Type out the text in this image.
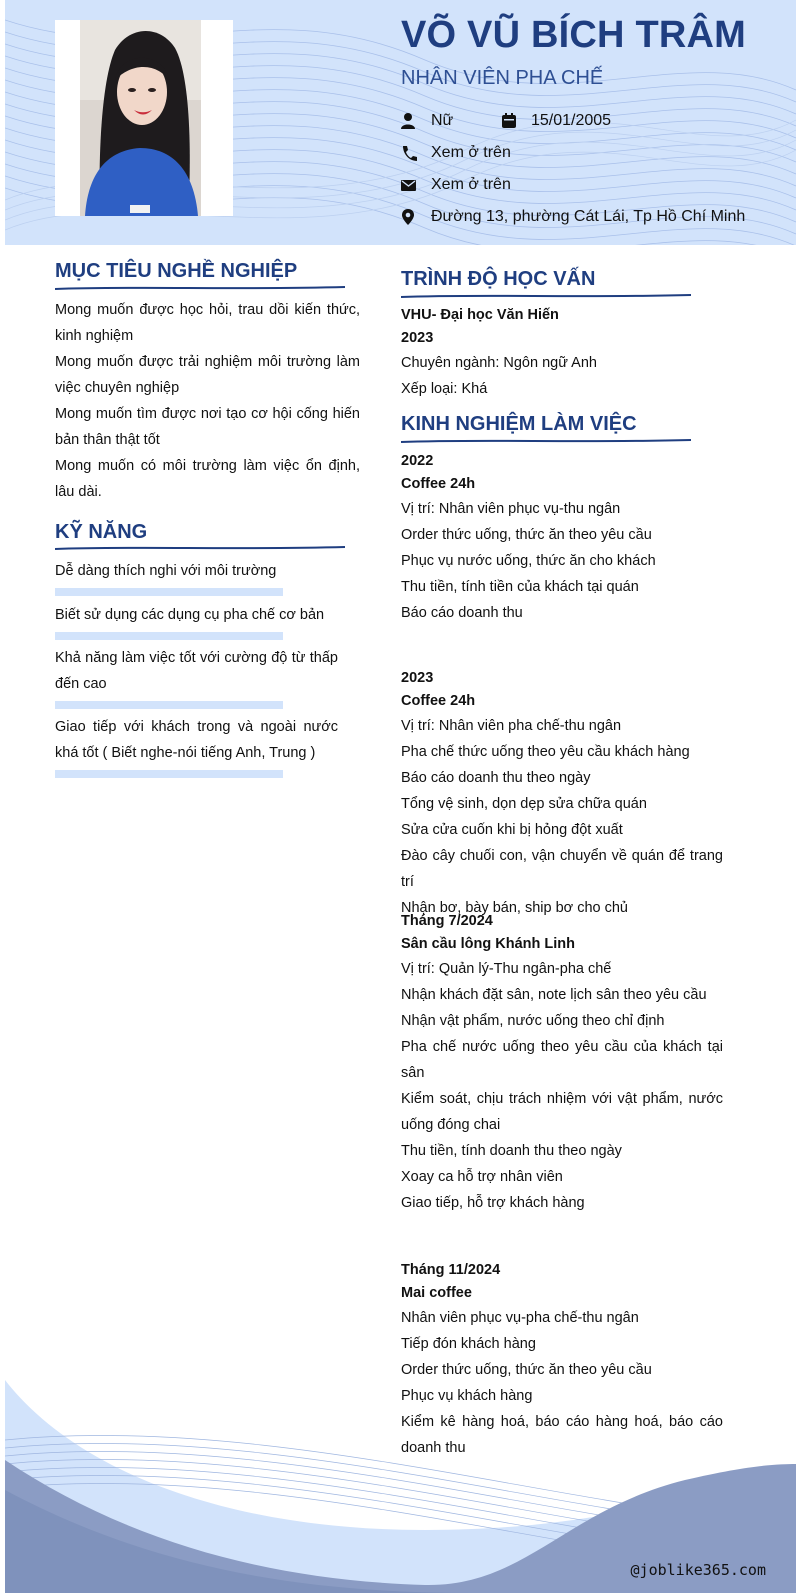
VÕ VŨ BÍCH TRÂM
NHÂN VIÊN PHA CHẾ
Nữ	15/01/2005
Xem ở trên
Xem ở trên
Đường 13, phường Cát Lái, Tp Hồ Chí Minh
MỤC TIÊU NGHỀ NGHIỆP
Mong muốn được học hỏi, trau dồi kiến thức, kinh nghiệm
Mong muốn được trải nghiệm môi trường làm việc chuyên nghiệp
Mong muốn tìm được nơi tạo cơ hội cống hiến bản thân thật tốt
Mong muốn có môi trường làm việc ổn định, lâu dài.
KỸ NĂNG
Dễ dàng thích nghi với môi trường
Biết sử dụng các dụng cụ pha chế cơ bản
Khả năng làm việc tốt với cường độ từ thấp đến cao
Giao tiếp với khách trong và ngoài nước khá tốt ( Biết nghe-nói tiếng Anh, Trung )
TRÌNH ĐỘ HỌC VẤN
VHU- Đại học Văn Hiến
2023
Chuyên ngành: Ngôn ngữ Anh
Xếp loại: Khá
KINH NGHIỆM LÀM VIỆC
2022
Coffee 24h
Vị trí: Nhân viên phục vụ-thu ngân
Order thức uống, thức ăn theo yêu cầu
Phục vụ nước uống, thức ăn cho khách
Thu tiền, tính tiền của khách tại quán
Báo cáo doanh thu
2023
Coffee 24h
Vị trí: Nhân viên pha chế-thu ngân
Pha chế thức uống theo yêu cầu khách hàng
Báo cáo doanh thu theo ngày
Tổng vệ sinh, dọn dẹp sửa chữa quán
Sửa cửa cuốn khi bị hỏng đột xuất
Đào cây chuối con, vận chuyển về quán để trang trí
Nhận bơ, bày bán, ship bơ cho chủ
Tháng 7/2024
Sân cầu lông Khánh Linh
Vị trí: Quản lý-Thu ngân-pha chế
Nhận khách đặt sân, note lịch sân theo yêu cầu
Nhận vật phẩm, nước uống theo chỉ định
Pha chế nước uống theo yêu cầu của khách tại sân
Kiểm soát, chịu trách nhiệm với vật phẩm, nước uống đóng chai
Thu tiền, tính doanh thu theo ngày
Xoay ca hỗ trợ nhân viên
Giao tiếp, hỗ trợ khách hàng
Tháng 11/2024
Mai coffee
Nhân viên phục vụ-pha chế-thu ngân
Tiếp đón khách hàng
Order thức uống, thức ăn theo yêu cầu
Phục vụ khách hàng
Kiểm kê hàng hoá, báo cáo hàng hoá, báo cáo doanh thu
@joblike365.com
